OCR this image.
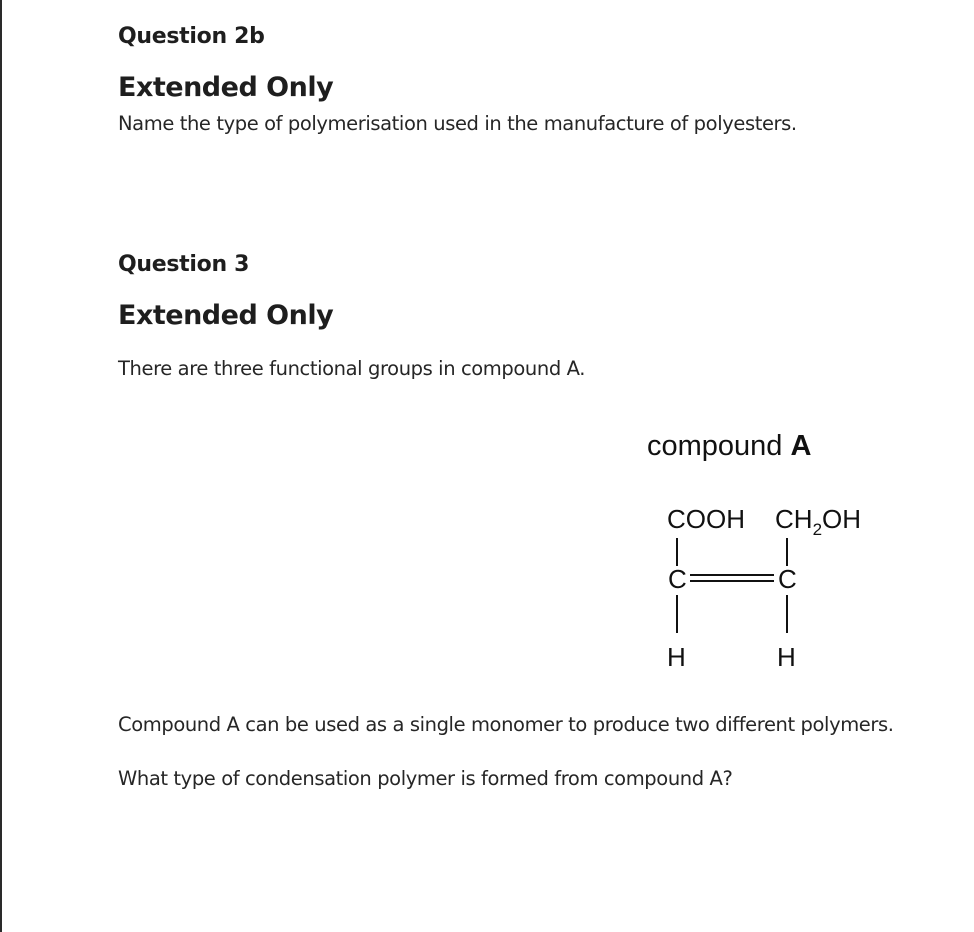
Question 2b
Extended Only
Name the type of polymerisation used in the manufacture of polyesters.
Question 3
Extended Only
There are three functional groups in compound A.
compound A
COOH $CH_2OH$
C	C
H	H
Compound A can be used as a single monomer to produce two different polymers.
What type of condensation polymer is formed from compound A?
